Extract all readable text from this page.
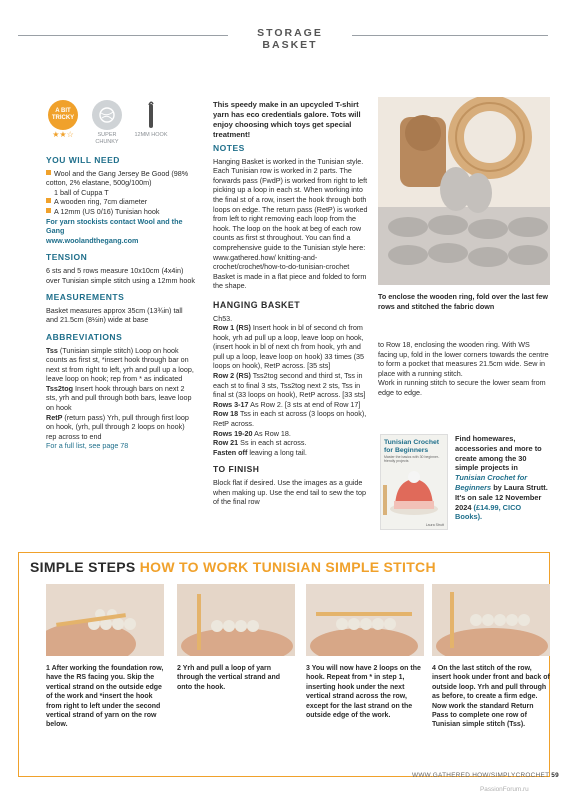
STORAGE BASKET
A BIT TRICKY
★★☆	SUPER CHUNKY
12MM HOOK
YOU WILL NEED
Wool and the Gang Jersey Be Good (98% cotton, 2% elastane, 500g/100m)
1 ball of Cuppa T
A wooden ring, 7cm diameter
A 12mm (US 0/16) Tunisian hook
For yarn stockists contact Wool and the Gang
www.woolandthegang.com
TENSION
6 sts and 5 rows measure 10x10cm (4x4in) over Tunisian simple stitch using a 12mm hook
MEASUREMENTS
Basket measures approx 35cm (13¾in) tall and 21.5cm (8½in) wide at base
ABBREVIATIONS
Tss (Tunisian simple stitch) Loop on hook counts as first st, *insert hook through bar on next st from right to left, yrh and pull up a loop, leave loop on hook; rep from * as indicated
Tss2tog Insert hook through bars on next 2 sts, yrh and pull through both bars, leave loop on hook
RetP (return pass) Yrh, pull through first loop on hook, (yrh, pull through 2 loops on hook) rep across to end
For a full list, see page 78
This speedy make in an upcycled T-shirt yarn has eco credentials galore. Tots will enjoy choosing which toys get special treatment!
NOTES
Hanging Basket is worked in the Tunisian style. Each Tunisian row is worked in 2 parts. The forwards pass (FwdP) is worked from right to left picking up a loop in each st. When working into the final st of a row, insert the hook through both loops on edge. The return pass (RetP) is worked from left to right removing each loop from the hook. The loop on the hook at beg of each row counts as first st throughout. You can find a comprehensive guide to the Tunisian style here: www.gathered.how/ knitting-and-crochet/crochet/how-to-do-tunisian-crochet
Basket is made in a flat piece and folded to form the shape.
HANGING BASKET
Ch53.
Row 1 (RS) Insert hook in bl of second ch from hook, yrh ad pull up a loop, leave loop on hook, (insert hook in bl of next ch from hook, yrh and pull up a loop, leave loop on hook) 33 times (35 loops on hook), RetP across. [35 sts]
Row 2 (RS) Tss2tog second and third st, Tss in each st to final 3 sts, Tss2tog next 2 sts, Tss in final st (33 loops on hook), RetP across. [33 sts]
Rows 3-17 As Row 2. [3 sts at end of Row 17]
Row 18 Tss in each st across (3 loops on hook), RetP across.
Rows 19-20 As Row 18.
Row 21 Ss in each st across.
Fasten off leaving a long tail.
TO FINISH
Block flat if desired. Use the images as a guide when making up. Use the end tail to sew the top of the final row
To enclose the wooden ring, fold over the last few rows and stitched the fabric down
to Row 18, enclosing the wooden ring. With WS facing up, fold in the lower corners towards the centre to form a pocket that measures 21.5cm wide. Sew in place with a running stitch.
Work in running stitch to secure the lower seam from edge to edge.
Tunisian Crochet for Beginners
Master the basics with 30 beginner-friendly projects
Laura Strutt
Find homewares, accessories and more to create among the 30 simple projects in Tunisian Crochet for Beginners by Laura Strutt. It's on sale 12 November 2024 (£14.99, CICO Books).
SIMPLE STEPS HOW TO WORK TUNISIAN SIMPLE STITCH
1 After working the foundation row, have the RS facing you. Skip the vertical strand on the outside edge of the work and *insert the hook from right to left under the second vertical strand of yarn on the row below.
2 Yrh and pull a loop of yarn through the vertical strand and onto the hook.
3 You will now have 2 loops on the hook. Repeat from * in step 1, inserting hook under the next vertical strand across the row, except for the last strand on the outside edge of the work.
4 On the last stitch of the row, insert hook under front and back of outside loop. Yrh and pull through as before, to create a firm edge. Now work the standard Return Pass to complete one row of Tunisian simple stitch (Tss).
WWW.GATHERED.HOW/SIMPLYCROCHET 59
PassionForum.ru
